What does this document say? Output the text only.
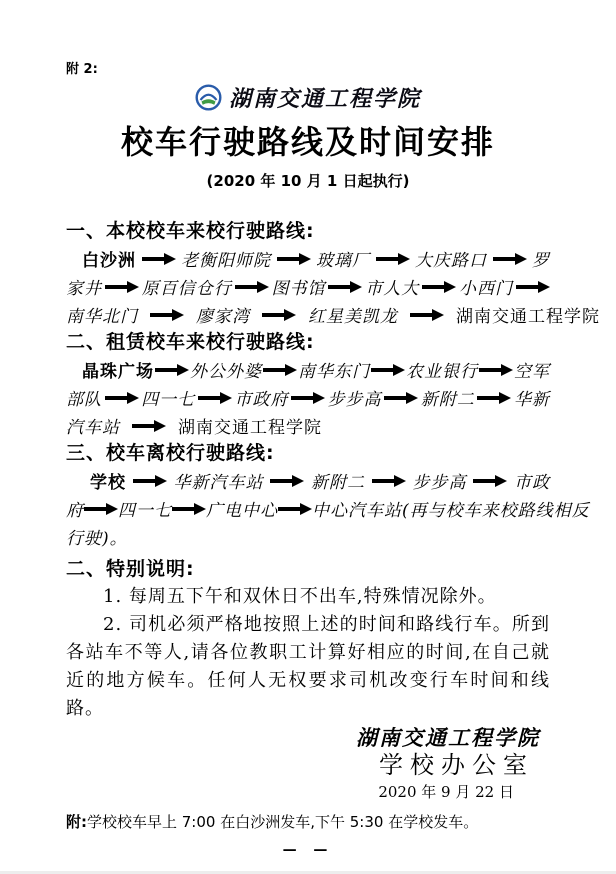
附 2:
湖南交通工程学院
校车行驶路线及时间安排
(2020 年 10 月 1 日起执行)
一、本校校车来校行驶路线:
白沙洲	老衡阳师院	玻璃厂	大庆路口	罗
家井 原百信仓行 图书馆 市人大 小西门
南华北门	廖家湾	红星美凯龙	湖南交通工程学院
二、租赁校车来校行驶路线:
晶珠广场 外公外婆 南华东门 农业银行 空军
部队 四一七 市政府 步步高 新附二 华新
汽车站	湖南交通工程学院
三、校车离校行驶路线:
学校	华新汽车站	新附二	步步高	市政
府 四一七 广电中心 中心汽车站(再与校车来校路线相反
行驶)。
二、特别说明:
1. 每周五下午和双休日不出车,特殊情况除外。
2. 司机必须严格地按照上述的时间和路线行车。所到各站车不等人,请各位教职工计算好相应的时间,在自己就近的地方候车。任何人无权要求司机改变行车时间和线路。
湖南交通工程学院
学校办公室
2020 年 9 月 22 日
附:学校校车早上 7:00 在白沙洲发车,下午 5:30 在学校发车。
— —
